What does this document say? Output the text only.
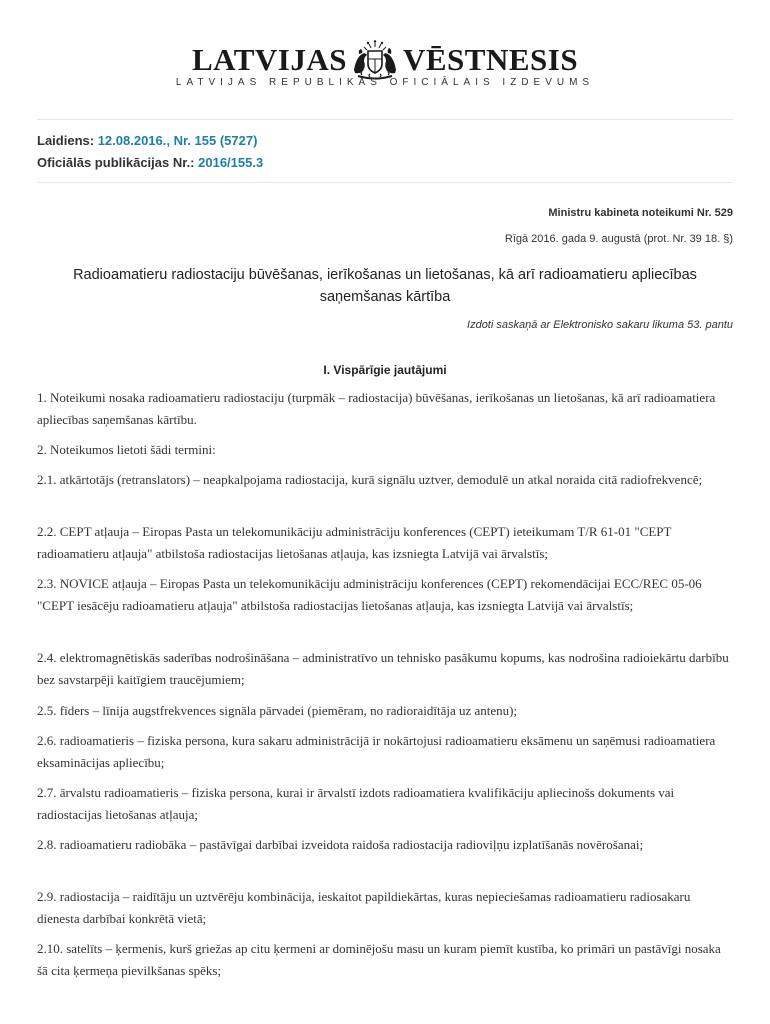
LATVIJAS VĒSTNESIS
LATVIJAS REPUBLIKAS OFICIĀLAIS IZDEVUMS
Laidiens: 12.08.2016., Nr. 155 (5727)
Oficiālās publikācijas Nr.: 2016/155.3
Ministru kabineta noteikumi Nr. 529
Rīgā 2016. gada 9. augustā (prot. Nr. 39 18. §)
Radioamatieru radiostaciju būvēšanas, ierīkošanas un lietošanas, kā arī radioamatieru apliecības saņemšanas kārtība
Izdoti saskaņā ar Elektronisko sakaru likuma 53. pantu
I. Vispārīgie jautājumi
1. Noteikumi nosaka radioamatieru radiostaciju (turpmāk – radiostacija) būvēšanas, ierīkošanas un lietošanas, kā arī radioamatiera apliecības saņemšanas kārtību.
2. Noteikumos lietoti šādi termini:
2.1. atkārtotājs (retranslators) – neapkalpojama radiostacija, kurā signālu uztver, demodulē un atkal noraida citā radiofrekvencē;
2.2. CEPT atļauja – Eiropas Pasta un telekomunikāciju administrāciju konferences (CEPT) ieteikumam T/R 61-01 "CEPT radioamatieru atļauja" atbilstoša radiostacijas lietošanas atļauja, kas izsniegta Latvijā vai ārvalstīs;
2.3. NOVICE atļauja – Eiropas Pasta un telekomunikāciju administrāciju konferences (CEPT) rekomendācijai ECC/REC 05-06 "CEPT iesācēju radioamatieru atļauja" atbilstoša radiostacijas lietošanas atļauja, kas izsniegta Latvijā vai ārvalstīs;
2.4. elektromagnētiskās saderības nodrošināšana – administratīvo un tehnisko pasākumu kopums, kas nodrošina radioiekārtu darbību bez savstarpēji kaitīgiem traucējumiem;
2.5. fīders – līnija augstfrekvences signāla pārvadei (piemēram, no radioraidītāja uz antenu);
2.6. radioamatieris – fiziska persona, kura sakaru administrācijā ir nokārtojusi radioamatieru eksāmenu un saņēmusi radioamatiera eksaminācijas apliecību;
2.7. ārvalstu radioamatieris – fiziska persona, kurai ir ārvalstī izdots radioamatiera kvalifikāciju apliecinošs dokuments vai radiostacijas lietošanas atļauja;
2.8. radioamatieru radiobāka – pastāvīgai darbībai izveidota raidoša radiostacija radioviļņu izplatīšanās novērošanai;
2.9. radiostacija – raidītāju un uztvērēju kombinācija, ieskaitot papildiekārtas, kuras nepieciešamas radioamatieru radiosakaru dienesta darbībai konkrētā vietā;
2.10. satelīts – ķermenis, kurš griežas ap citu ķermeni ar dominējošu masu un kuram piemīt kustība, ko primāri un pastāvīgi nosaka šā cita ķermeņa pievilkšanas spēks;
